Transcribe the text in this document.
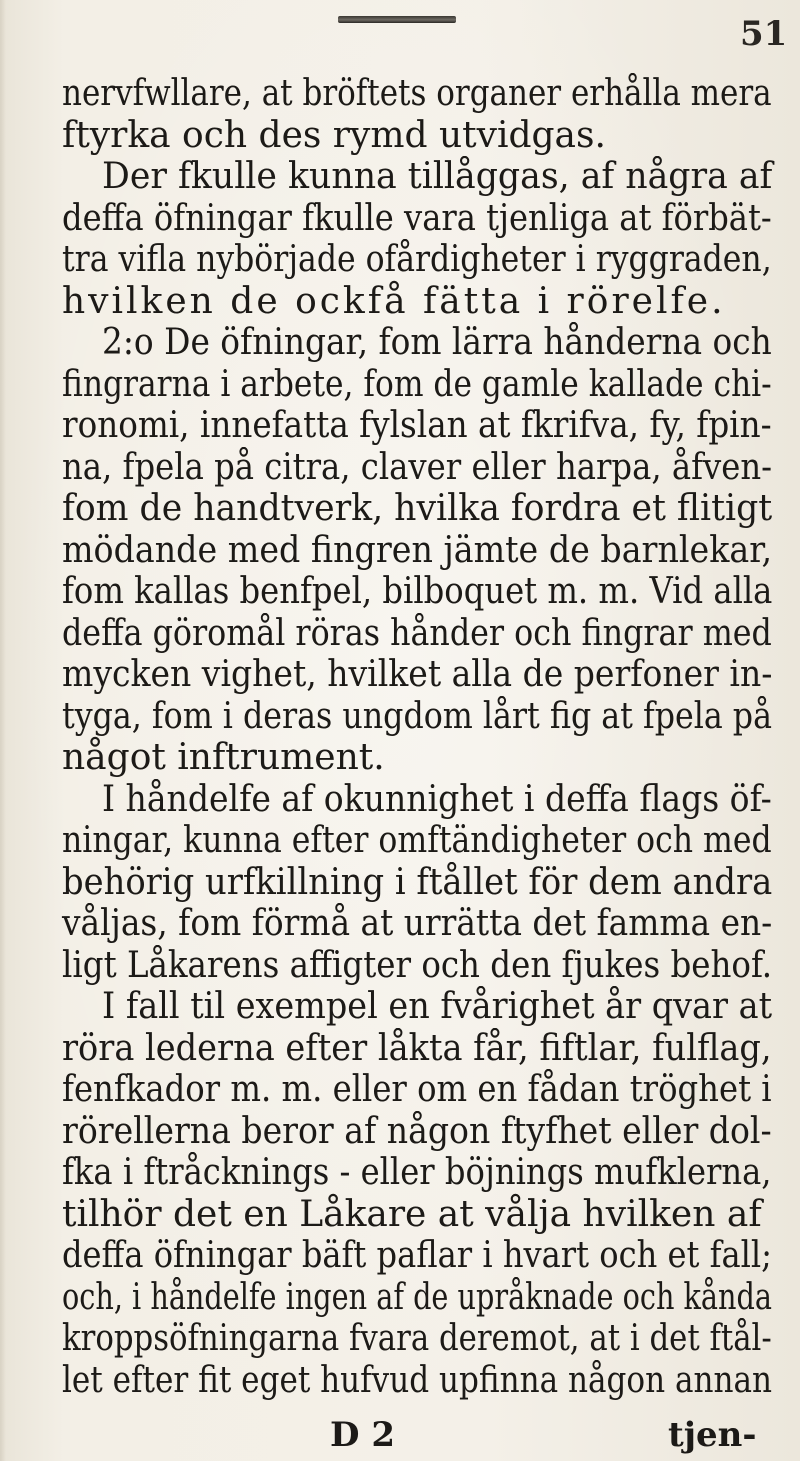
51
nervfwllare, at bröftets organer erhålla mera
ftyrka och des rymd utvidgas.
Der fkulle kunna tillåggas, af några af
deffa öfningar fkulle vara tjenliga at förbät-
tra vifla nybörjade ofårdigheter i ryggraden,
hvilken de ockfå fätta i rörelfe.
2:o De öfningar, fom lärra hånderna och
fingrarna i arbete, fom de gamle kallade chi-
ronomi, innefatta fylslan at fkrifva, fy, fpin-
na, fpela på citra, claver eller harpa, åfven-
fom de handtverk, hvilka fordra et flitigt
mödande med fingren jämte de barnlekar,
fom kallas benfpel, bilboquet m. m. Vid alla
deffa göromål röras hånder och fingrar med
mycken vighet, hvilket alla de perfoner in-
tyga, fom i deras ungdom lårt fig at fpela på
något inftrument.
I håndelfe af okunnighet i deffa flags öf-
ningar, kunna efter omftändigheter och med
behörig urfkillning i ftållet för dem andra
våljas, fom förmå at urrätta det famma en-
ligt Låkarens affigter och den fjukes behof.
I fall til exempel en fvårighet år qvar at
röra lederna efter låkta får, fiftlar, fulflag,
fenfkador m. m. eller om en fådan tröghet i
rörellerna beror af någon ftyfhet eller dol-
fka i ftråcknings - eller böjnings mufklerna,
tilhör det en Låkare at vålja hvilken af
deffa öfningar bäft paflar i hvart och et fall;
och, i håndelfe ingen af de upråknade och kånda
kroppsöfningarna fvara deremot, at i det ftål-
let efter fit eget hufvud upfinna någon annan
D 2	tjen-
